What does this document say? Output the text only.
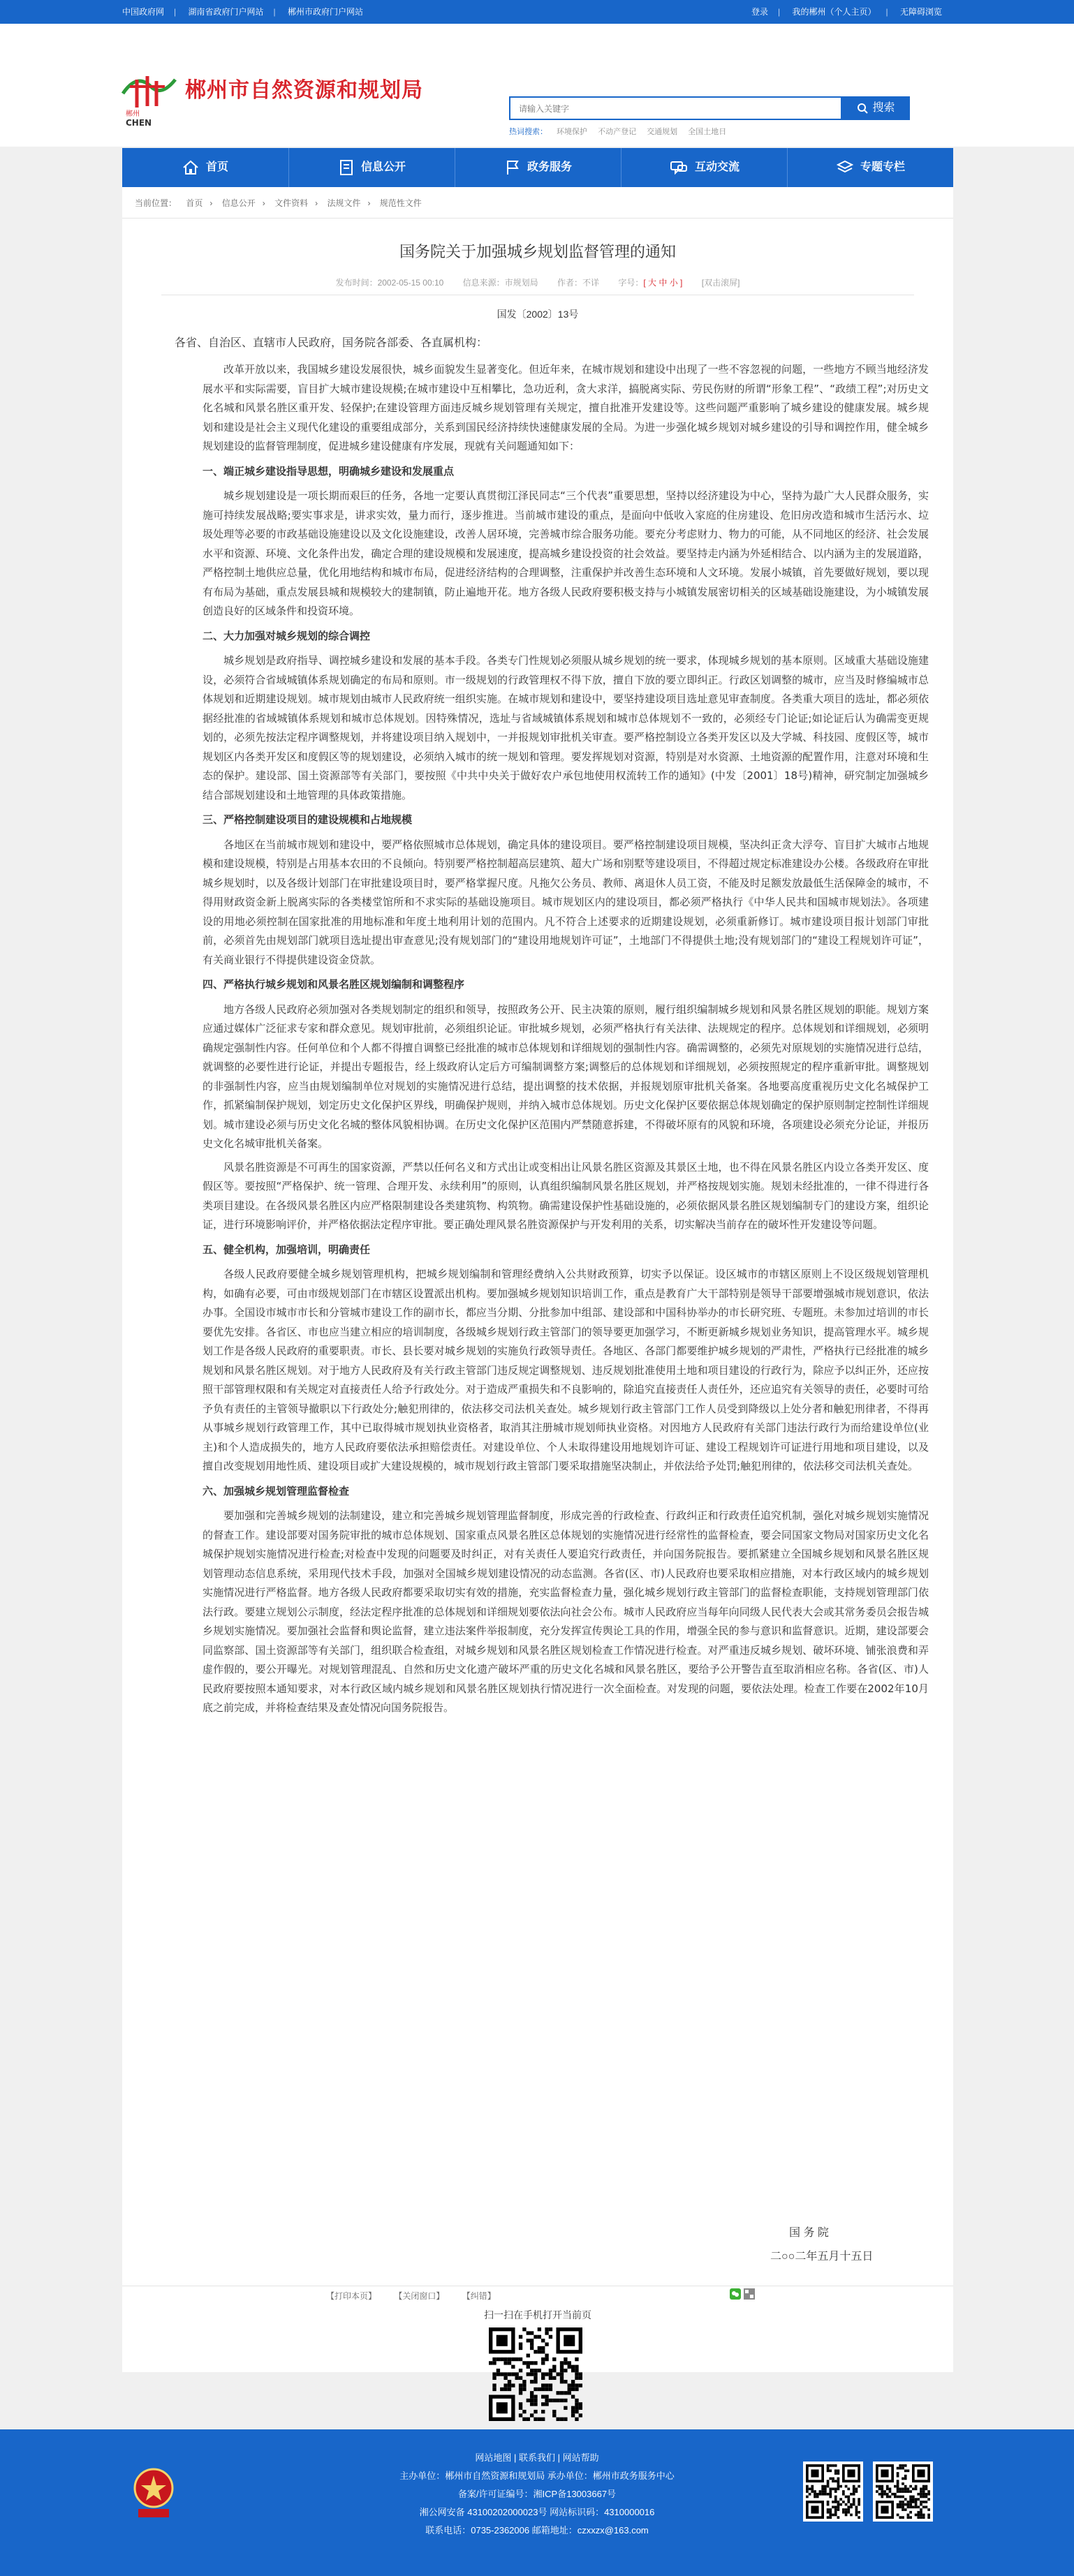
中国政府网 | 湖南省政府门户网站 | 郴州市政府门户网站	登录 | 我的郴州（个人主页） | 无障碍浏览
郴州
CHEN
郴州市自然资源和规划局
请输入关键字
搜索
热词搜索： 环境保护 不动产登记 交通规划 全国土地日
首页	信息公开	政务服务	互动交流	专题专栏
当前位置： 首页 › 信息公开 › 文件资料 › 法规文件 › 规范性文件
国务院关于加强城乡规划监督管理的通知
发布时间：2002-05-15 00:10 信息来源：市规划局 作者：不详 字号：[ 大 中 小 ] [双击滚屏]
国发〔2002〕13号
各省、自治区、直辖市人民政府，国务院各部委、各直属机构：

改革开放以来，我国城乡建设发展很快，城乡面貌发生显著变化。但近年来，在城市规划和建设中出现了一些不容忽视的问题，一些地方不顾当地经济发展水平和实际需要，盲目扩大城市建设规模;在城市建设中互相攀比，急功近利，贪大求洋，搞脱离实际、劳民伤财的所谓“形象工程”、“政绩工程”;对历史文化名城和风景名胜区重开发、轻保护;在建设管理方面违反城乡规划管理有关规定，擅自批准开发建设等。这些问题严重影响了城乡建设的健康发展。城乡规划和建设是社会主义现代化建设的重要组成部分，关系到国民经济持续快速健康发展的全局。为进一步强化城乡规划对城乡建设的引导和调控作用，健全城乡规划建设的监督管理制度，促进城乡建设健康有序发展，现就有关问题通知如下：

一、端正城乡建设指导思想，明确城乡建设和发展重点

城乡规划建设是一项长期而艰巨的任务，各地一定要认真贯彻江泽民同志“三个代表”重要思想，坚持以经济建设为中心，坚持为最广大人民群众服务，实施可持续发展战略;要实事求是，讲求实效，量力而行，逐步推进。当前城市建设的重点，是面向中低收入家庭的住房建设、危旧房改造和城市生活污水、垃圾处理等必要的市政基础设施建设以及文化设施建设，改善人居环境，完善城市综合服务功能。要充分考虑财力、物力的可能，从不同地区的经济、社会发展水平和资源、环境、文化条件出发，确定合理的建设规模和发展速度，提高城乡建设投资的社会效益。要坚持走内涵为外延相结合、以内涵为主的发展道路，严格控制土地供应总量，优化用地结构和城市布局，促进经济结构的合理调整，注重保护并改善生态环境和人文环境。发展小城镇，首先要做好规划，要以现有布局为基础，重点发展县城和规模较大的建制镇，防止遍地开花。地方各级人民政府要积极支持与小城镇发展密切相关的区域基础设施建设，为小城镇发展创造良好的区域条件和投资环境。

二、大力加强对城乡规划的综合调控

城乡规划是政府指导、调控城乡建设和发展的基本手段。各类专门性规划必须服从城乡规划的统一要求，体现城乡规划的基本原则。区域重大基础设施建设，必须符合省域城镇体系规划确定的布局和原则。市一级规划的行政管理权不得下放，擅自下放的要立即纠正。行政区划调整的城市，应当及时修编城市总体规划和近期建设规划。城市规划由城市人民政府统一组织实施。在城市规划和建设中，要坚持建设项目选址意见审查制度。各类重大项目的选址，都必须依据经批准的省域城镇体系规划和城市总体规划。因特殊情况，选址与省域城镇体系规划和城市总体规划不一致的，必须经专门论证;如论证后认为确需变更规划的，必须先按法定程序调整规划，并将建设项目纳入规划中，一并报规划审批机关审查。要严格控制设立各类开发区以及大学城、科技园、度假区等，城市规划区内各类开发区和度假区等的规划建设，必须纳入城市的统一规划和管理。要发挥规划对资源，特别是对水资源、土地资源的配置作用，注意对环境和生态的保护。建设部、国土资源部等有关部门，要按照《中共中央关于做好农户承包地使用权流转工作的通知》(中发〔2001〕18号)精神，研究制定加强城乡结合部规划建设和土地管理的具体政策措施。

三、严格控制建设项目的建设规模和占地规模

各地区在当前城市规划和建设中，要严格依照城市总体规划，确定具体的建设项目。要严格控制建设项目规模，坚决纠正贪大浮夸、盲目扩大城市占地规模和建设规模，特别是占用基本农田的不良倾向。特别要严格控制超高层建筑、超大广场和别墅等建设项目，不得超过规定标准建设办公楼。各级政府在审批城乡规划时，以及各级计划部门在审批建设项目时，要严格掌握尺度。凡拖欠公务员、教师、离退休人员工资，不能及时足额发放最低生活保障金的城市，不得用财政资金新上脱离实际的各类楼堂馆所和不求实际的基础设施项目。城市规划区内的建设项目，都必须严格执行《中华人民共和国城市规划法》。各项建设的用地必须控制在国家批准的用地标准和年度土地利用计划的范围内。凡不符合上述要求的近期建设规划，必须重新修订。城市建设项目报计划部门审批前，必须首先由规划部门就项目选址提出审查意见;没有规划部门的“建设用地规划许可证”，土地部门不得提供土地;没有规划部门的“建设工程规划许可证”，有关商业银行不得提供建设资金贷款。

四、严格执行城乡规划和风景名胜区规划编制和调整程序

地方各级人民政府必须加强对各类规划制定的组织和领导，按照政务公开、民主决策的原则，履行组织编制城乡规划和风景名胜区规划的职能。规划方案应通过媒体广泛征求专家和群众意见。规划审批前，必须组织论证。审批城乡规划，必须严格执行有关法律、法规规定的程序。总体规划和详细规划，必须明确规定强制性内容。任何单位和个人都不得擅自调整已经批准的城市总体规划和详细规划的强制性内容。确需调整的，必须先对原规划的实施情况进行总结，就调整的必要性进行论证，并提出专题报告，经上级政府认定后方可编制调整方案;调整后的总体规划和详细规划，必须按照规定的程序重新审批。调整规划的非强制性内容，应当由规划编制单位对规划的实施情况进行总结，提出调整的技术依据，并报规划原审批机关备案。各地要高度重视历史文化名城保护工作，抓紧编制保护规划，划定历史文化保护区界线，明确保护规则，并纳入城市总体规划。历史文化保护区要依据总体规划确定的保护原则制定控制性详细规划。城市建设必须与历史文化名城的整体风貌相协调。在历史文化保护区范围内严禁随意拆建，不得破坏原有的风貌和环境，各项建设必须充分论证，并报历史文化名城审批机关备案。

风景名胜资源是不可再生的国家资源，严禁以任何名义和方式出让或变相出让风景名胜区资源及其景区土地，也不得在风景名胜区内设立各类开发区、度假区等。要按照“严格保护、统一管理、合理开发、永续利用”的原则，认真组织编制风景名胜区规划，并严格按规划实施。规划未经批准的，一律不得进行各类项目建设。在各级风景名胜区内应严格限制建设各类建筑物、构筑物。确需建设保护性基础设施的，必须依据风景名胜区规划编制专门的建设方案，组织论证，进行环境影响评价，并严格依据法定程序审批。要正确处理风景名胜资源保护与开发利用的关系，切实解决当前存在的破坏性开发建设等问题。

五、健全机构，加强培训，明确责任

各级人民政府要健全城乡规划管理机构，把城乡规划编制和管理经费纳入公共财政预算，切实予以保证。设区城市的市辖区原则上不设区级规划管理机构，如确有必要，可由市级规划部门在市辖区设置派出机构。要加强城乡规划知识培训工作，重点是教育广大干部特别是领导干部要增强城市规划意识，依法办事。全国设市城市市长和分管城市建设工作的副市长，都应当分期、分批参加中组部、建设部和中国科协举办的市长研究班、专题班。未参加过培训的市长要优先安排。各省区、市也应当建立相应的培训制度，各级城乡规划行政主管部门的领导要更加强学习，不断更新城乡规划业务知识，提高管理水平。城乡规划工作是各级人民政府的重要职责。市长、县长要对城乡规划的实施负行政领导责任。各地区、各部门都要维护城乡规划的严肃性，严格执行已经批准的城乡规划和风景名胜区规划。对于地方人民政府及有关行政主管部门违反规定调整规划、违反规划批准使用土地和项目建设的行政行为，除应予以纠正外，还应按照干部管理权限和有关规定对直接责任人给予行政处分。对于造成严重损失和不良影响的，除追究直接责任人责任外，还应追究有关领导的责任，必要时可给予负有责任的主管领导撤职以下行政处分;触犯刑律的，依法移交司法机关查处。城乡规划行政主管部门工作人员受到降级以上处分者和触犯刑律者，不得再从事城乡规划行政管理工作，其中已取得城市规划执业资格者，取消其注册城市规划师执业资格。对因地方人民政府有关部门违法行政行为而给建设单位(业主)和个人造成损失的，地方人民政府要依法承担赔偿责任。对建设单位、个人未取得建设用地规划许可证、建设工程规划许可证进行用地和项目建设，以及擅自改变规划用地性质、建设项目或扩大建设规模的，城市规划行政主管部门要采取措施坚决制止，并依法给予处罚;触犯刑律的，依法移交司法机关查处。

六、加强城乡规划管理监督检查

要加强和完善城乡规划的法制建设，建立和完善城乡规划管理监督制度，形成完善的行政检查、行政纠正和行政责任追究机制，强化对城乡规划实施情况的督查工作。建设部要对国务院审批的城市总体规划、国家重点风景名胜区总体规划的实施情况进行经常性的监督检查，要会同国家文物局对国家历史文化名城保护规划实施情况进行检查;对检查中发现的问题要及时纠正，对有关责任人要追究行政责任，并向国务院报告。要抓紧建立全国城乡规划和风景名胜区规划管理动态信息系统，采用现代技术手段，加强对全国城乡规划建设情况的动态监测。各省(区、市)人民政府也要采取相应措施，对本行政区域内的城乡规划实施情况进行严格监督。地方各级人民政府都要采取切实有效的措施，充实监督检查力量，强化城乡规划行政主管部门的监督检查职能，支持规划管理部门依法行政。要建立规划公示制度，经法定程序批准的总体规划和详细规划要依法向社会公布。城市人民政府应当每年向同级人民代表大会或其常务委员会报告城乡规划实施情况。要加强社会监督和舆论监督，建立违法案件举报制度，充分发挥宣传舆论工具的作用，增强全民的参与意识和监督意识。近期，建设部要会同监察部、国土资源部等有关部门，组织联合检查组，对城乡规划和风景名胜区规划检查工作情况进行检查。对严重违反城乡规划、破坏环境、铺张浪费和弄虚作假的，要公开曝光。对规划管理混乱、自然和历史文化遗产破坏严重的历史文化名城和风景名胜区，要给予公开警告直至取消相应名称。各省(区、市)人民政府要按照本通知要求，对本行政区域内城乡规划和风景名胜区规划执行情况进行一次全面检查。对发现的问题，要依法处理。检查工作要在2002年10月底之前完成，并将检查结果及查处情况向国务院报告。

国 务 院
二○○二年五月十五日
【打印本页】 【关闭窗口】 【纠错】

扫一扫在手机打开当前页
网站地图 | 联系我们 | 网站帮助
主办单位：郴州市自然资源和规划局 承办单位：郴州市政务服务中心
备案/许可证编号：湘ICP备13003667号
湘公网安备 43100202000023号 网站标识码：4310000016
联系电话：0735-2362006 邮箱地址：czxxzx@163.com
